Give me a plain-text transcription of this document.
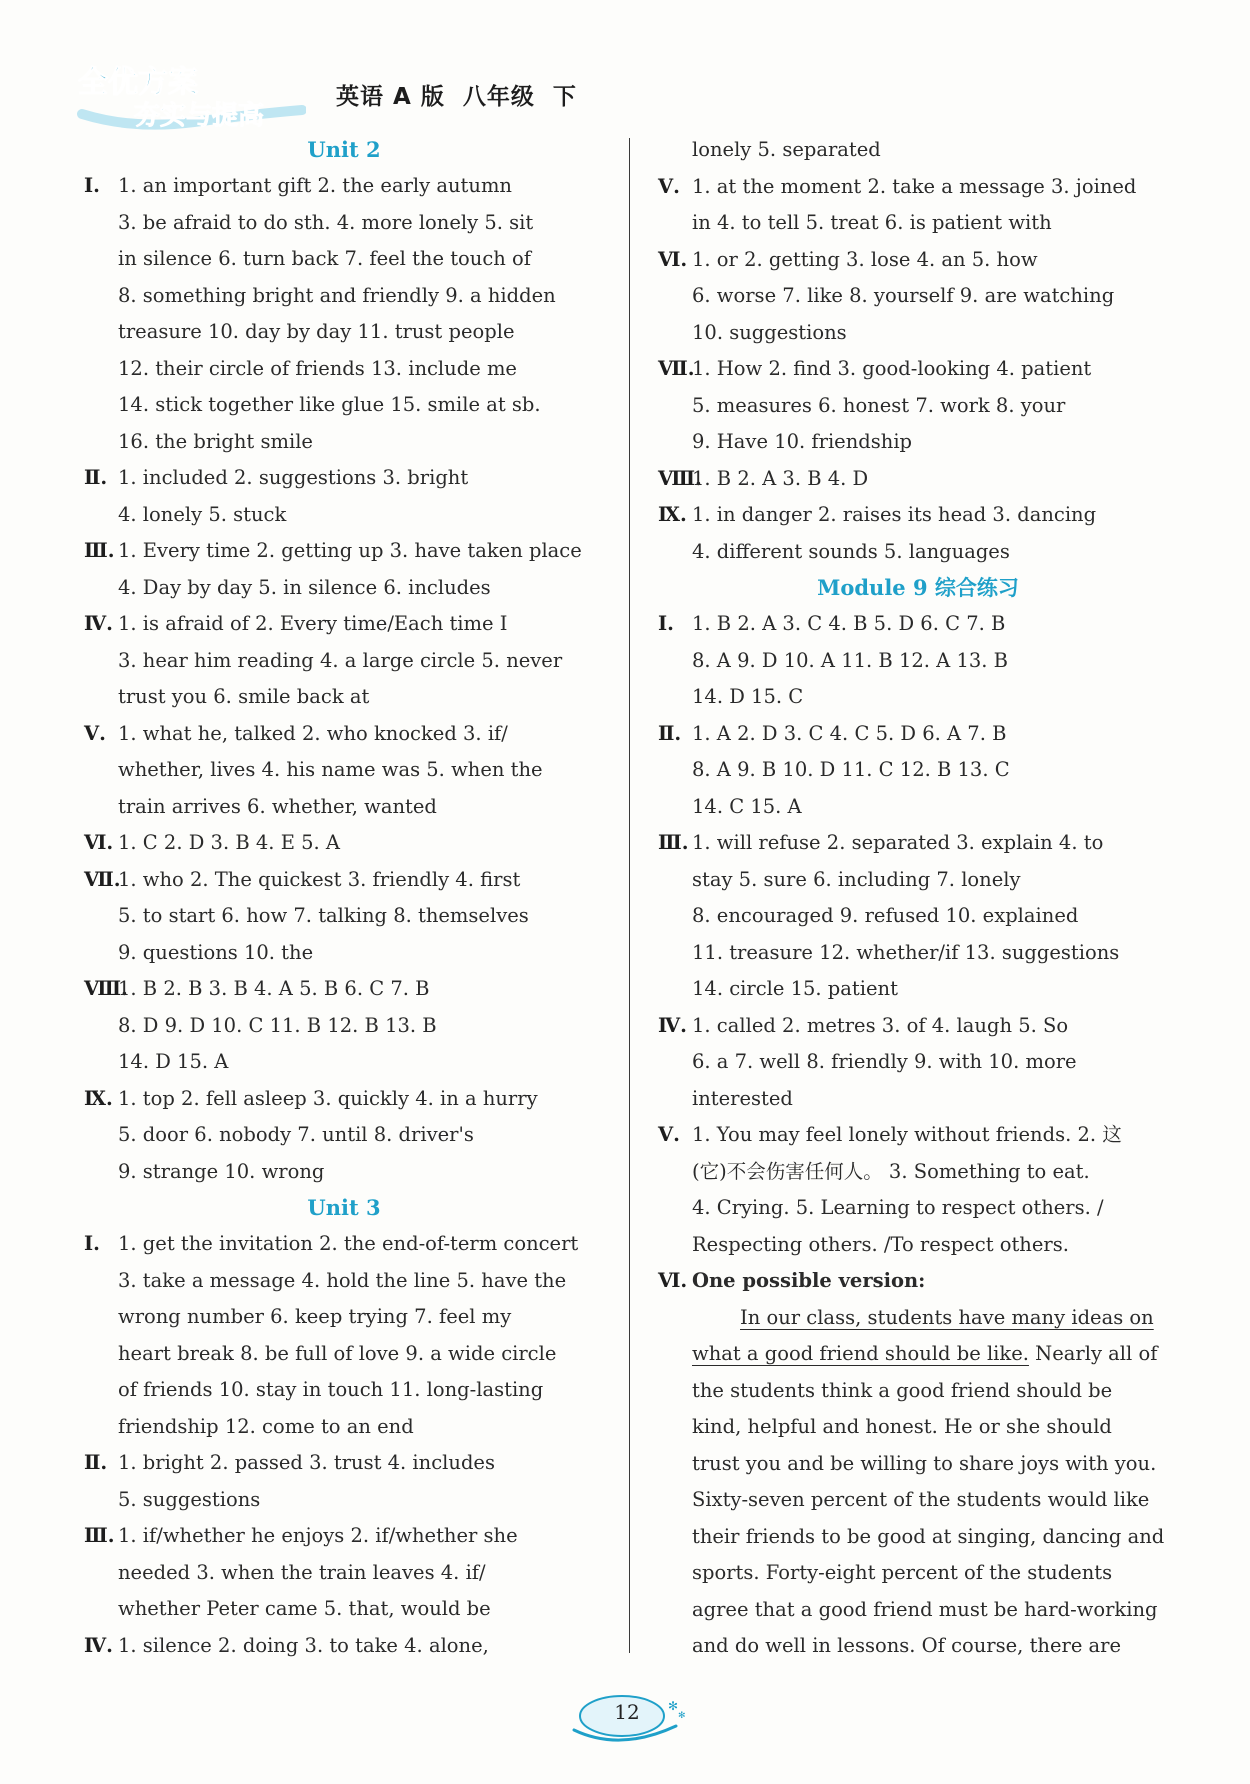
全优方案
夯实与提高
英语 A 版  八年级  下
Unit 2
Ⅰ. 1. an important gift 2. the early autumn
3. be afraid to do sth. 4. more lonely 5. sit
in silence 6. turn back 7. feel the touch of
8. something bright and friendly 9. a hidden
treasure 10. day by day 11. trust people
12. their circle of friends 13. include me
14. stick together like glue 15. smile at sb.
16. the bright smile
Ⅱ. 1. included 2. suggestions 3. bright
4. lonely 5. stuck
Ⅲ. 1. Every time 2. getting up 3. have taken place
4. Day by day 5. in silence 6. includes
Ⅳ. 1. is afraid of 2. Every time/Each time I
3. hear him reading 4. a large circle 5. never
trust you 6. smile back at
Ⅴ. 1. what he, talked 2. who knocked 3. if/
whether, lives 4. his name was 5. when the
train arrives 6. whether, wanted
Ⅵ. 1. C 2. D 3. B 4. E 5. A
Ⅶ.
1. who 2. The quickest 3. friendly 4. first
5. to start 6. how 7. talking 8. themselves
9. questions 10. the
Ⅷ.
1. B 2. B 3. B 4. A 5. B 6. C 7. B
8. D 9. D 10. C 11. B 12. B 13. B
14. D 15. A
Ⅸ. 1. top 2. fell asleep 3. quickly 4. in a hurry
5. door 6. nobody 7. until 8. driver's
9. strange 10. wrong
Unit 3
Ⅰ. 1. get the invitation 2. the end-of-term concert
3. take a message 4. hold the line 5. have the
wrong number 6. keep trying 7. feel my
heart break 8. be full of love 9. a wide circle
of friends 10. stay in touch 11. long-lasting
friendship 12. come to an end
Ⅱ. 1. bright 2. passed 3. trust 4. includes
5. suggestions
Ⅲ. 1. if/whether he enjoys 2. if/whether she
needed 3. when the train leaves 4. if/
whether Peter came 5. that, would be
Ⅳ. 1. silence 2. doing 3. to take 4. alone,
lonely 5. separated
Ⅴ. 1. at the moment 2. take a message 3. joined
in 4. to tell 5. treat 6. is patient with
Ⅵ. 1. or 2. getting 3. lose 4. an 5. how
6. worse 7. like 8. yourself 9. are watching
10. suggestions
Ⅶ.
1. How 2. find 3. good-looking 4. patient
5. measures 6. honest 7. work 8. your
9. Have 10. friendship
Ⅷ.
1. B 2. A 3. B 4. D
Ⅸ. 1. in danger 2. raises its head 3. dancing
4. different sounds 5. languages
Module 9 综合练习
Ⅰ. 1. B 2. A 3. C 4. B 5. D 6. C 7. B
8. A 9. D 10. A 11. B 12. A 13. B
14. D 15. C
Ⅱ. 1. A 2. D 3. C 4. C 5. D 6. A 7. B
8. A 9. B 10. D 11. C 12. B 13. C
14. C 15. A
Ⅲ. 1. will refuse 2. separated 3. explain 4. to
stay 5. sure 6. including 7. lonely
8. encouraged 9. refused 10. explained
11. treasure 12. whether/if 13. suggestions
14. circle 15. patient
Ⅳ. 1. called 2. metres 3. of 4. laugh 5. So
6. a 7. well 8. friendly 9. with 10. more
interested
Ⅴ. 1. You may feel lonely without friends. 2. 这
(它)不会伤害任何人。 3. Something to eat.
4. Crying. 5. Learning to respect others. /
Respecting others. /To respect others.
Ⅵ. One possible version:
In our class, students have many ideas on
what a good friend should be like. Nearly all of
the students think a good friend should be
kind, helpful and honest. He or she should
trust you and be willing to share joys with you.
Sixty-seven percent of the students would like
their friends to be good at singing, dancing and
sports. Forty-eight percent of the students
agree that a good friend must be hard-working
and do well in lessons. Of course, there are
✻
✻
12
